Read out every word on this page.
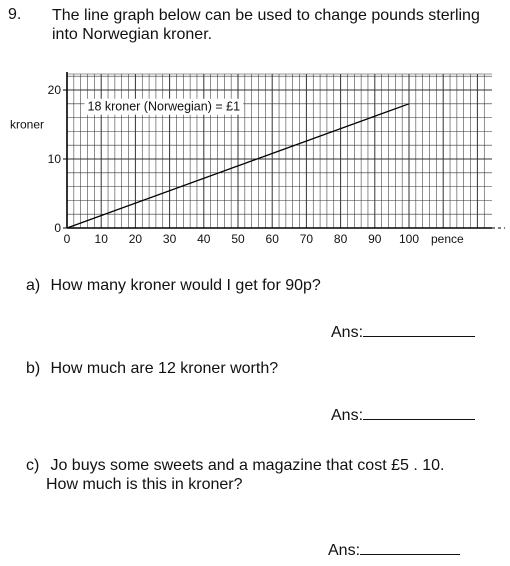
9. The line graph below can be used to change pounds sterling
into Norwegian kroner.
0
10
20
0 10 20 30 40 50 60 70 80 90 100 pence
kroner
18 kroner (Norwegian) = £1
a) How many kroner would I get for 90p?
Ans:
b) How much are 12 kroner worth?
Ans:
c) Jo buys some sweets and a magazine that cost £5 . 10.
How much is this in kroner?
Ans:
